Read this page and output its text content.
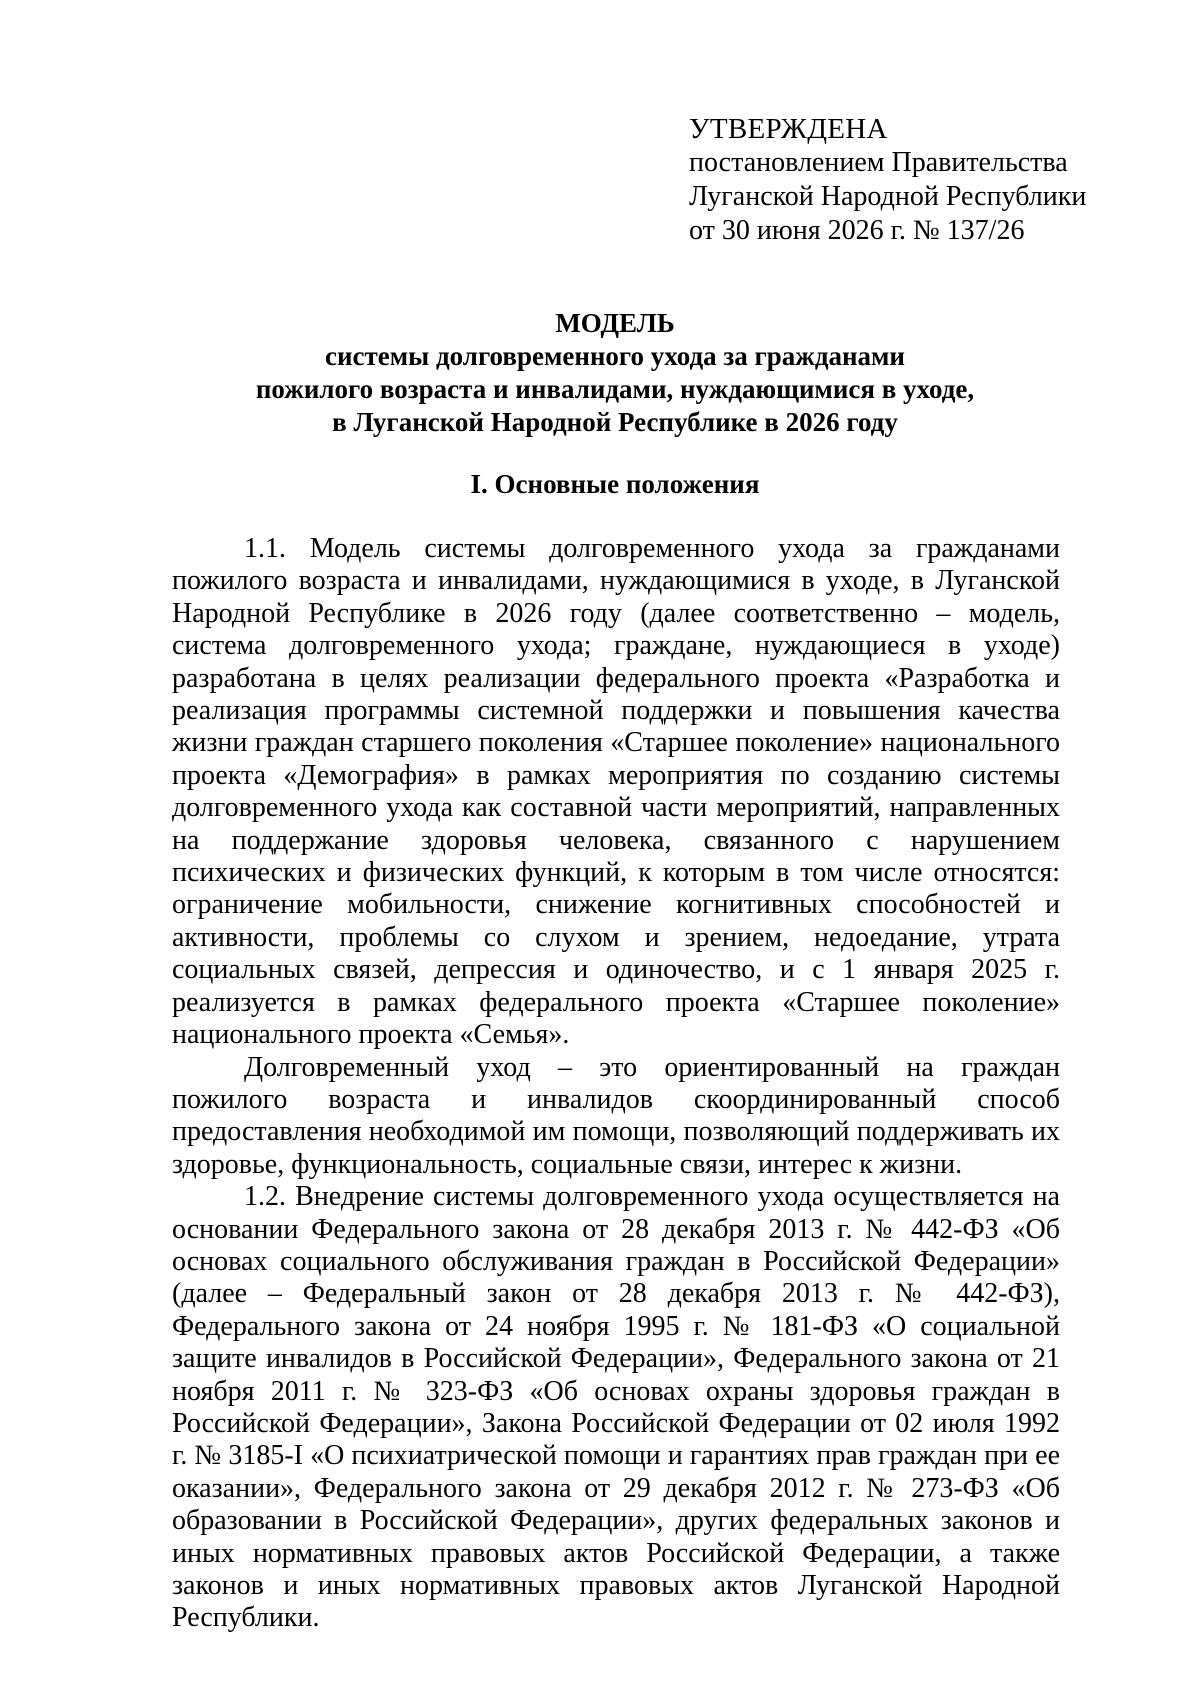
УТВЕРЖДЕНА
постановлением Правительства
Луганской Народной Республики
от 30 июня 2026 г. № 137/26
МОДЕЛЬ
системы долговременного ухода за гражданами
пожилого возраста и инвалидами, нуждающимися в уходе,
в Луганской Народной Республике в 2026 году
I. Основные положения

1.1. Модель системы долговременного ухода за гражданами пожилого возраста и инвалидами, нуждающимися в уходе, в Луганской Народной Республике в 2026 году (далее соответственно – модель, система долговременного ухода; граждане, нуждающиеся в уходе) разработана в целях реализации федерального проекта «Разработка и реализация программы системной поддержки и повышения качества жизни граждан старшего поколения «Старшее поколение» национального проекта «Демография» в рамках мероприятия по созданию системы долговременного ухода как составной части мероприятий, направленных на поддержание здоровья человека, связанного с нарушением психических и физических функций, к которым в том числе относятся: ограничение мобильности, снижение когнитивных способностей и активности, проблемы со слухом и зрением, недоедание, утрата социальных связей, депрессия и одиночество, и с 1 января 2025 г. реализуется в рамках федерального проекта «Старшее поколение» национального проекта «Семья».

Долговременный уход – это ориентированный на граждан пожилого возраста и инвалидов скоординированный способ предоставления необходимой им помощи, позволяющий поддерживать их здоровье, функциональность, социальные связи, интерес к жизни.

1.2. Внедрение системы долговременного ухода осуществляется на основании Федерального закона от 28 декабря 2013 г. № 442-ФЗ «Об основах социального обслуживания граждан в Российской Федерации» (далее – Федеральный закон от 28 декабря 2013 г. № 442-ФЗ), Федерального закона от 24 ноября 1995 г. № 181-ФЗ «О социальной защите инвалидов в Российской Федерации», Федерального закона от 21 ноября 2011 г. № 323-ФЗ «Об основах охраны здоровья граждан в Российской Федерации», Закона Российской Федерации от 02 июля 1992 г. № 3185-I «О психиатрической помощи и гарантиях прав граждан при ее оказании», Федерального закона от 29 декабря 2012 г. № 273-ФЗ «Об образовании в Российской Федерации», других федеральных законов и иных нормативных правовых актов Российской Федерации, а также законов и иных нормативных правовых актов Луганской Народной Республики.
